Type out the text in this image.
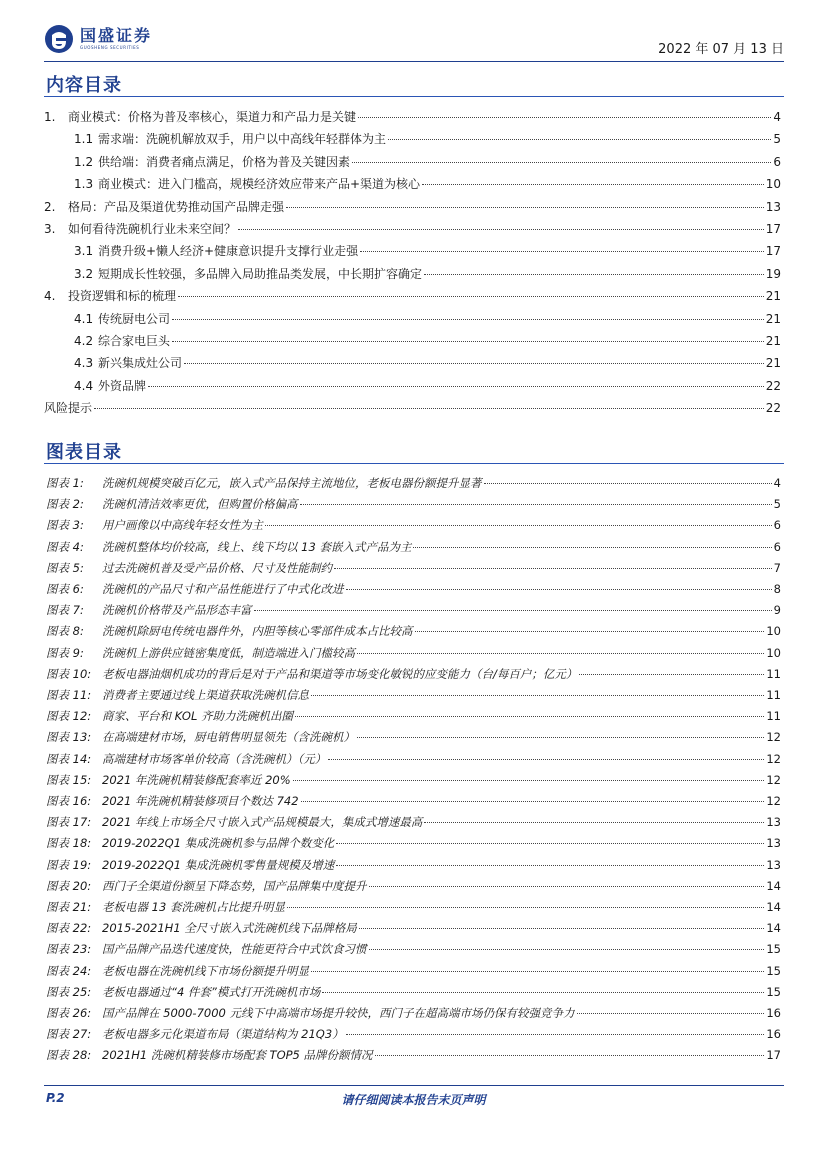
国盛证券
GUOSHENG SECURITIES	2022 年 07 月 13 日
内容目录
1.	商业模式：价格为普及率核心，渠道力和产品力是关键	4
1.1 需求端：洗碗机解放双手，用户以中高线年轻群体为主	5
1.2 供给端：消费者痛点满足，价格为普及关键因素	6
1.3 商业模式：进入门槛高，规模经济效应带来产品+渠道为核心	10
2.	格局：产品及渠道优势推动国产品牌走强	13
3.	如何看待洗碗机行业未来空间？	17
3.1 消费升级+懒人经济+健康意识提升支撑行业走强	17
3.2 短期成长性较强，多品牌入局助推品类发展，中长期扩容确定	19
4.	投资逻辑和标的梳理	21
4.1 传统厨电公司	21
4.2 综合家电巨头	21
4.3 新兴集成灶公司	21
4.4 外资品牌	22
风险提示	22
图表目录
图表 1:	洗碗机规模突破百亿元，嵌入式产品保持主流地位，老板电器份额提升显著	4
图表 2:	洗碗机清洁效率更优，但购置价格偏高	5
图表 3:	用户画像以中高线年轻女性为主	6
图表 4:	洗碗机整体均价较高，线上、线下均以 13 套嵌入式产品为主	6
图表 5:	过去洗碗机普及受产品价格、尺寸及性能制约	7
图表 6:	洗碗机的产品尺寸和产品性能进行了中式化改进	8
图表 7:	洗碗机价格带及产品形态丰富	9
图表 8:	洗碗机除厨电传统电器件外，内胆等核心零部件成本占比较高	10
图表 9:	洗碗机上游供应链密集度低，制造端进入门槛较高	10
图表 10: 老板电器油烟机成功的背后是对于产品和渠道等市场变化敏锐的应变能力（台/每百户；亿元）	11
图表 11: 消费者主要通过线上渠道获取洗碗机信息	11
图表 12: 商家、平台和 KOL 齐助力洗碗机出圈	11
图表 13: 在高端建材市场，厨电销售明显领先（含洗碗机）	12
图表 14: 高端建材市场客单价较高（含洗碗机）（元）	12
图表 15: 2021 年洗碗机精装修配套率近 20%	12
图表 16: 2021 年洗碗机精装修项目个数达 742	12
图表 17: 2021 年线上市场全尺寸嵌入式产品规模最大，集成式增速最高	13
图表 18: 2019-2022Q1 集成洗碗机参与品牌个数变化	13
图表 19: 2019-2022Q1 集成洗碗机零售量规模及增速	13
图表 20: 西门子全渠道份额呈下降态势，国产品牌集中度提升	14
图表 21: 老板电器 13 套洗碗机占比提升明显	14
图表 22: 2015-2021H1 全尺寸嵌入式洗碗机线下品牌格局	14
图表 23: 国产品牌产品迭代速度快，性能更符合中式饮食习惯	15
图表 24: 老板电器在洗碗机线下市场份额提升明显	15
图表 25: 老板电器通过“4 件套”模式打开洗碗机市场	15
图表 26: 国产品牌在 5000-7000 元线下中高端市场提升较快，西门子在超高端市场仍保有较强竞争力	16
图表 27: 老板电器多元化渠道布局（渠道结构为 21Q3）	16
图表 28: 2021H1 洗碗机精装修市场配套 TOP5 品牌份额情况	17
P.2	请仔细阅读本报告末页声明
